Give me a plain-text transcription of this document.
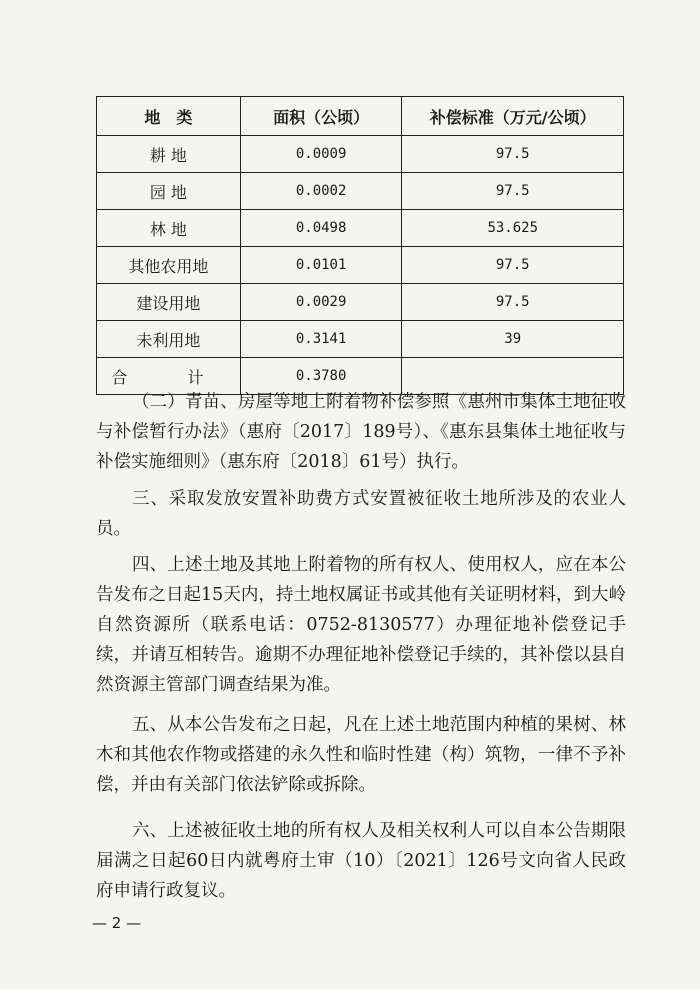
地　类	面积（公顷）	补偿标准（万元/公顷）
耕 地	0.0009	97.5
园 地	0.0002	97.5
林 地	0.0498	53.625
其他农用地	0.0101	97.5
建设用地	0.0029	97.5
未利用地	0.3141	39
合　计	0.3780	

（二）青苗、房屋等地上附着物补偿参照《惠州市集体土地征收与补偿暂行办法》（惠府〔2017〕189号）、《惠东县集体土地征收与补偿实施细则》（惠东府〔2018〕61号）执行。

三、采取发放安置补助费方式安置被征收土地所涉及的农业人员。

四、上述土地及其地上附着物的所有权人、使用权人，应在本公告发布之日起15天内，持土地权属证书或其他有关证明材料，到大岭自然资源所（联系电话：0752-8130577）办理征地补偿登记手续，并请互相转告。逾期不办理征地补偿登记手续的，其补偿以县自然资源主管部门调查结果为准。

五、从本公告发布之日起，凡在上述土地范围内种植的果树、林木和其他农作物或搭建的永久性和临时性建（构）筑物，一律不予补偿，并由有关部门依法铲除或拆除。

六、上述被征收土地的所有权人及相关权利人可以自本公告期限届满之日起60日内就粤府土审（10）〔2021〕126号文向省人民政府申请行政复议。

— 2 —
